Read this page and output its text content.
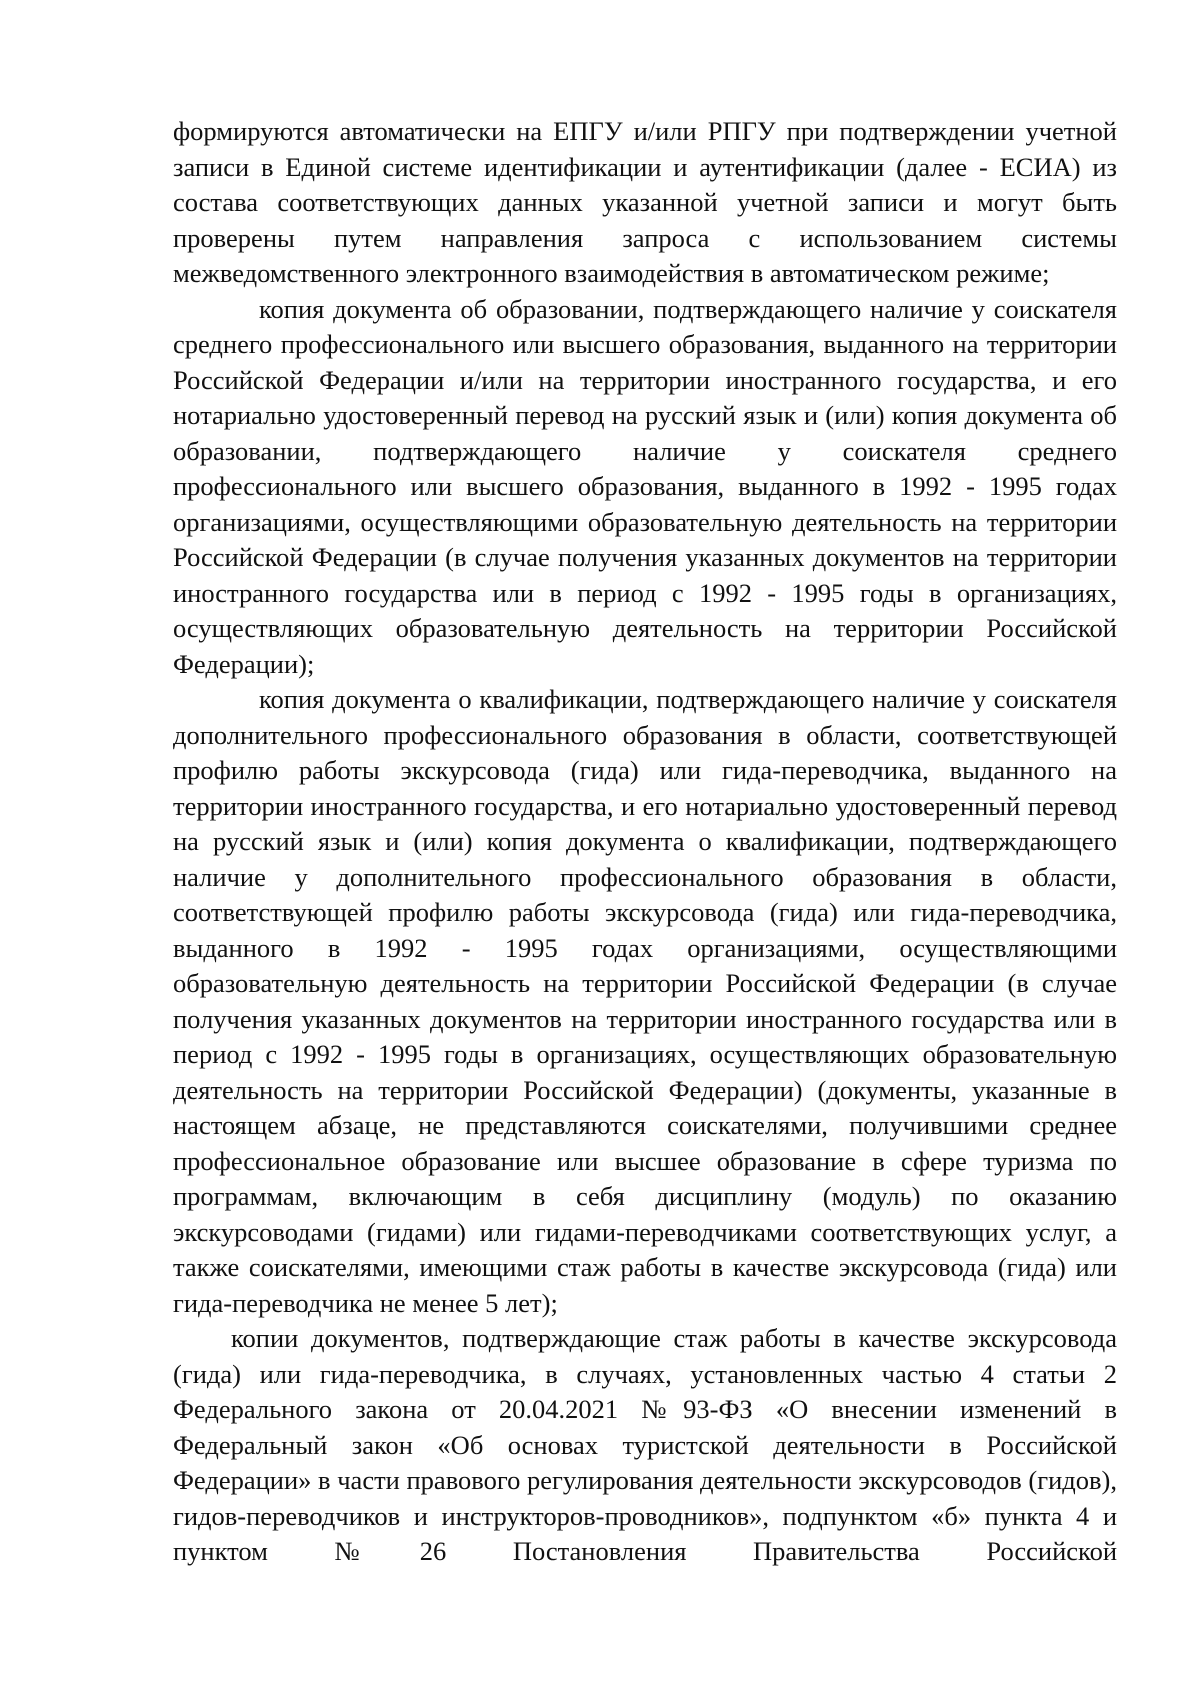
формируются автоматически на ЕПГУ и/или РПГУ при подтверждении учетной записи в Единой системе идентификации и аутентификации (далее - ЕСИА) из состава соответствующих данных указанной учетной записи и могут быть проверены путем направления запроса с использованием системы межведомственного электронного взаимодействия в автоматическом режиме;

копия документа об образовании, подтверждающего наличие у соискателя среднего профессионального или высшего образования, выданного на территории Российской Федерации и/или на территории иностранного государства, и его нотариально удостоверенный перевод на русский язык и (или) копия документа об образовании, подтверждающего наличие у соискателя среднего профессионального или высшего образования, выданного в 1992 - 1995 годах организациями, осуществляющими образовательную деятельность на территории Российской Федерации (в случае получения указанных документов на территории иностранного государства или в период с 1992 - 1995 годы в организациях, осуществляющих образовательную деятельность на территории Российской Федерации);

копия документа о квалификации, подтверждающего наличие у соискателя дополнительного профессионального образования в области, соответствующей профилю работы экскурсовода (гида) или гида-переводчика, выданного на территории иностранного государства, и его нотариально удостоверенный перевод на русский язык и (или) копия документа о квалификации, подтверждающего наличие у дополнительного профессионального образования в области, соответствующей профилю работы экскурсовода (гида) или гида-переводчика, выданного в 1992 - 1995 годах организациями, осуществляющими образовательную деятельность на территории Российской Федерации (в случае получения указанных документов на территории иностранного государства или в период с 1992 - 1995 годы в организациях, осуществляющих образовательную деятельность на территории Российской Федерации) (документы, указанные в настоящем абзаце, не представляются соискателями, получившими среднее профессиональное образование или высшее образование в сфере туризма по программам, включающим в себя дисциплину (модуль) по оказанию экскурсоводами (гидами) или гидами-переводчиками соответствующих услуг, а также соискателями, имеющими стаж работы в качестве экскурсовода (гида) или гида-переводчика не менее 5 лет);

копии документов, подтверждающие стаж работы в качестве экскурсовода (гида) или гида-переводчика, в случаях, установленных частью 4 статьи 2 Федерального закона от 20.04.2021 №93-ФЗ «О внесении изменений в Федеральный закон «Об основах туристской деятельности в Российской Федерации» в части правового регулирования деятельности экскурсоводов (гидов), гидов-переводчиков и инструкторов-проводников», подпунктом «б» пункта 4 и пунктом №26 Постановления Правительства Российской
